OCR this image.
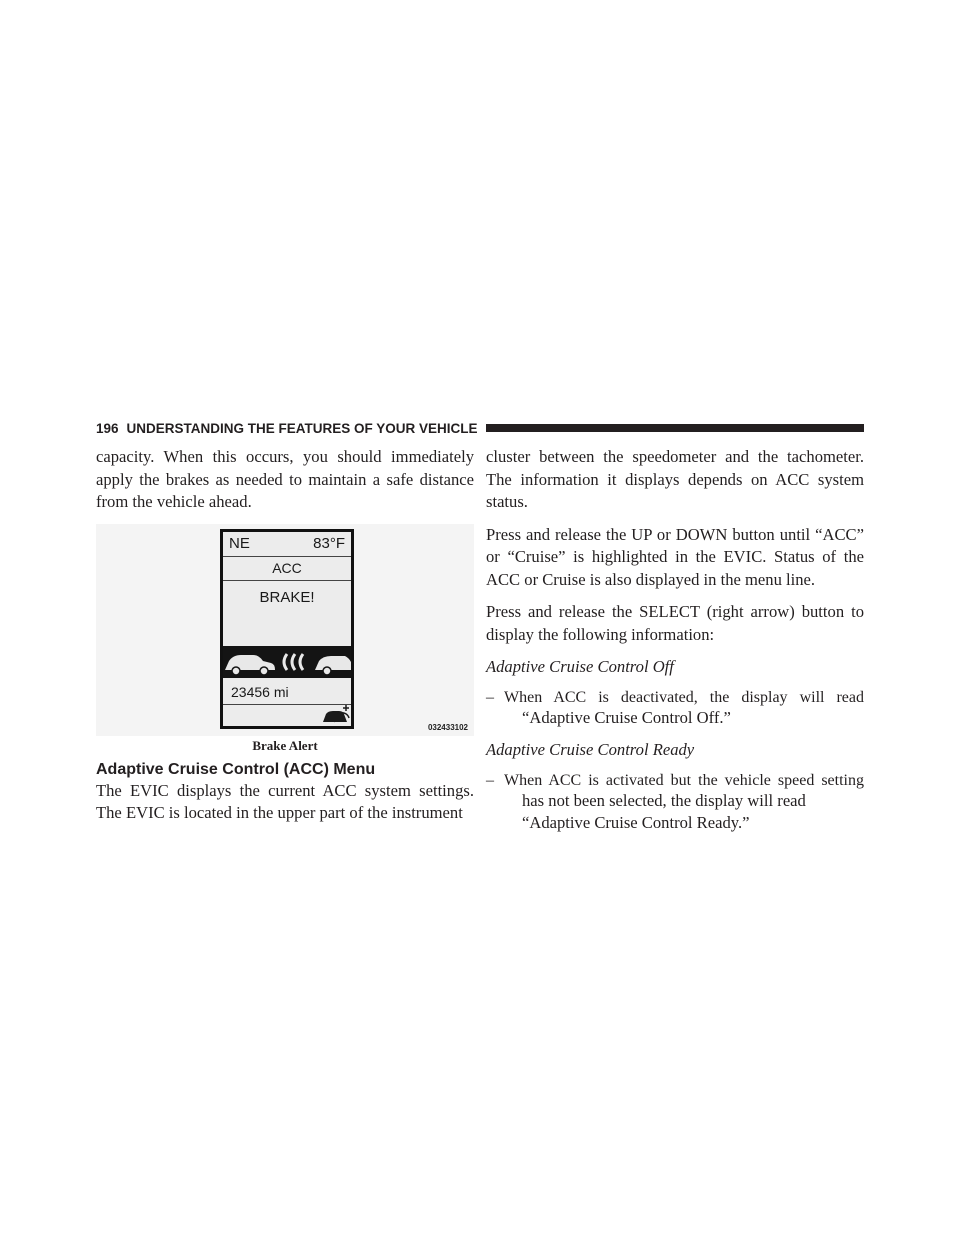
196 UNDERSTANDING THE FEATURES OF YOUR VEHICLE

capacity. When this occurs, you should immediately apply the brakes as needed to maintain a safe distance from the vehicle ahead.

NE	83°F
ACC
BRAKE!
23456 mi
032433102
Brake Alert
Adaptive Cruise Control (ACC) Menu

The EVIC displays the current ACC system settings. The EVIC is located in the upper part of the instrument

cluster between the speedometer and the tachometer. The information it displays depends on ACC system status.

Press and release the UP or DOWN button until “ACC” or “Cruise” is highlighted in the EVIC. Status of the ACC or Cruise is also displayed in the menu line.

Press and release the SELECT (right arrow) button to display the following information:

Adaptive Cruise Control Off

– When ACC is deactivated, the display will read

“Adaptive Cruise Control Off.”

Adaptive Cruise Control Ready

– When ACC is activated but the vehicle speed setting

has not been selected, the display will read “Adaptive Cruise Control Ready.”
